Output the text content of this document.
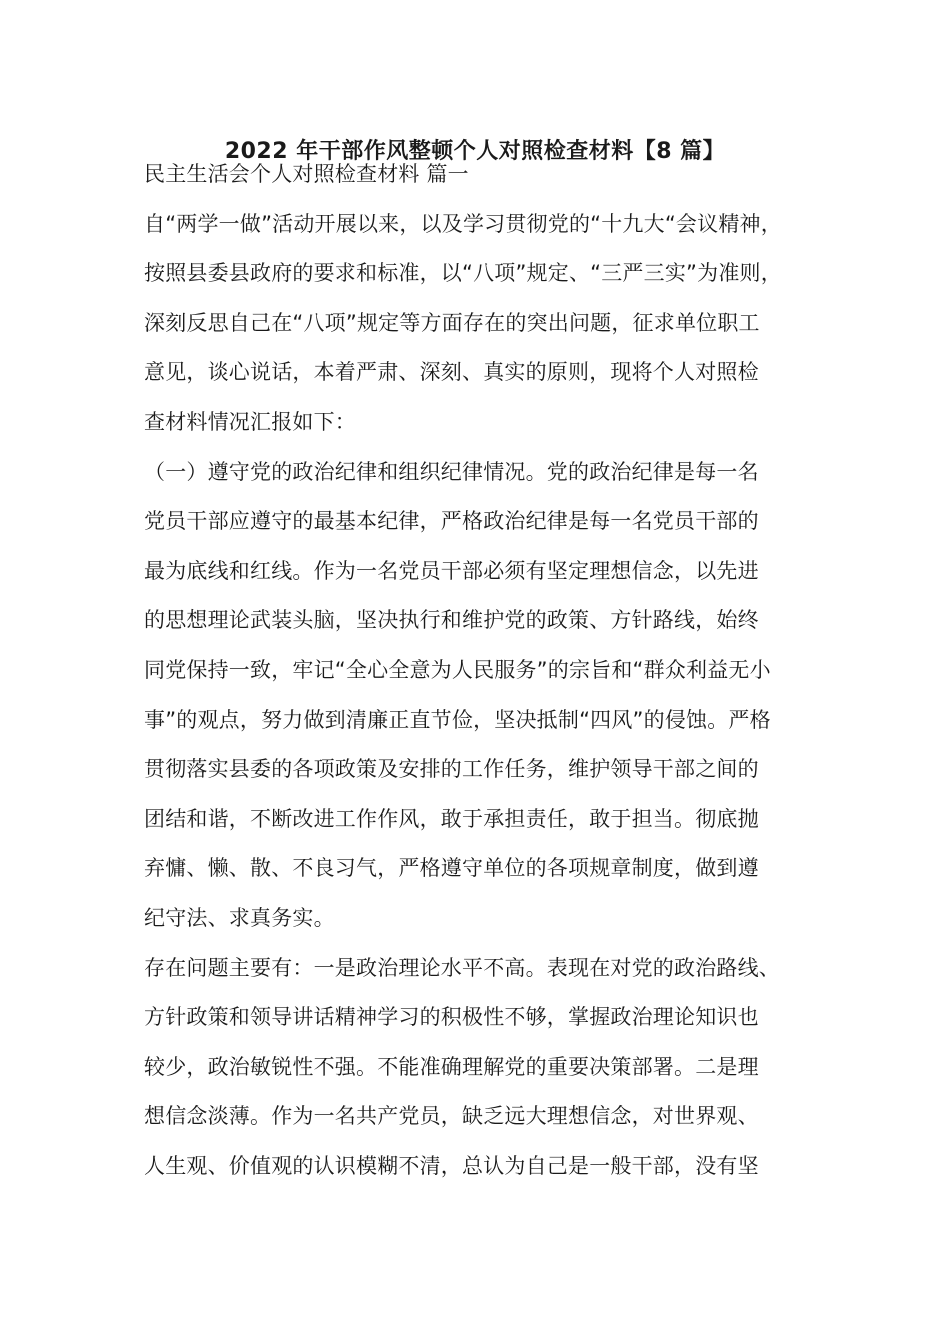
2022 年干部作风整顿个人对照检查材料【8 篇】
民主生活会个人对照检查材料 篇一
自“两学一做”活动开展以来，以及学习贯彻党的“十九大“会议精神，
按照县委县政府的要求和标准，以“八项”规定、“三严三实”为准则，
深刻反思自己在“八项”规定等方面存在的突出问题，征求单位职工
意见，谈心说话，本着严肃、深刻、真实的原则，现将个人对照检
查材料情况汇报如下：
（一）遵守党的政治纪律和组织纪律情况。党的政治纪律是每一名
党员干部应遵守的最基本纪律，严格政治纪律是每一名党员干部的
最为底线和红线。作为一名党员干部必须有坚定理想信念，以先进
的思想理论武装头脑，坚决执行和维护党的政策、方针路线，始终
同党保持一致，牢记“全心全意为人民服务”的宗旨和“群众利益无小
事”的观点，努力做到清廉正直节俭，坚决抵制“四风”的侵蚀。严格
贯彻落实县委的各项政策及安排的工作任务，维护领导干部之间的
团结和谐，不断改进工作作风，敢于承担责任，敢于担当。彻底抛
弃慵、懒、散、不良习气，严格遵守单位的各项规章制度，做到遵
纪守法、求真务实。
存在问题主要有：一是政治理论水平不高。表现在对党的政治路线、
方针政策和领导讲话精神学习的积极性不够，掌握政治理论知识也
较少，政治敏锐性不强。不能准确理解党的重要决策部署。二是理
想信念淡薄。作为一名共产党员，缺乏远大理想信念，对世界观、
人生观、价值观的认识模糊不清，总认为自己是一般干部，没有坚
